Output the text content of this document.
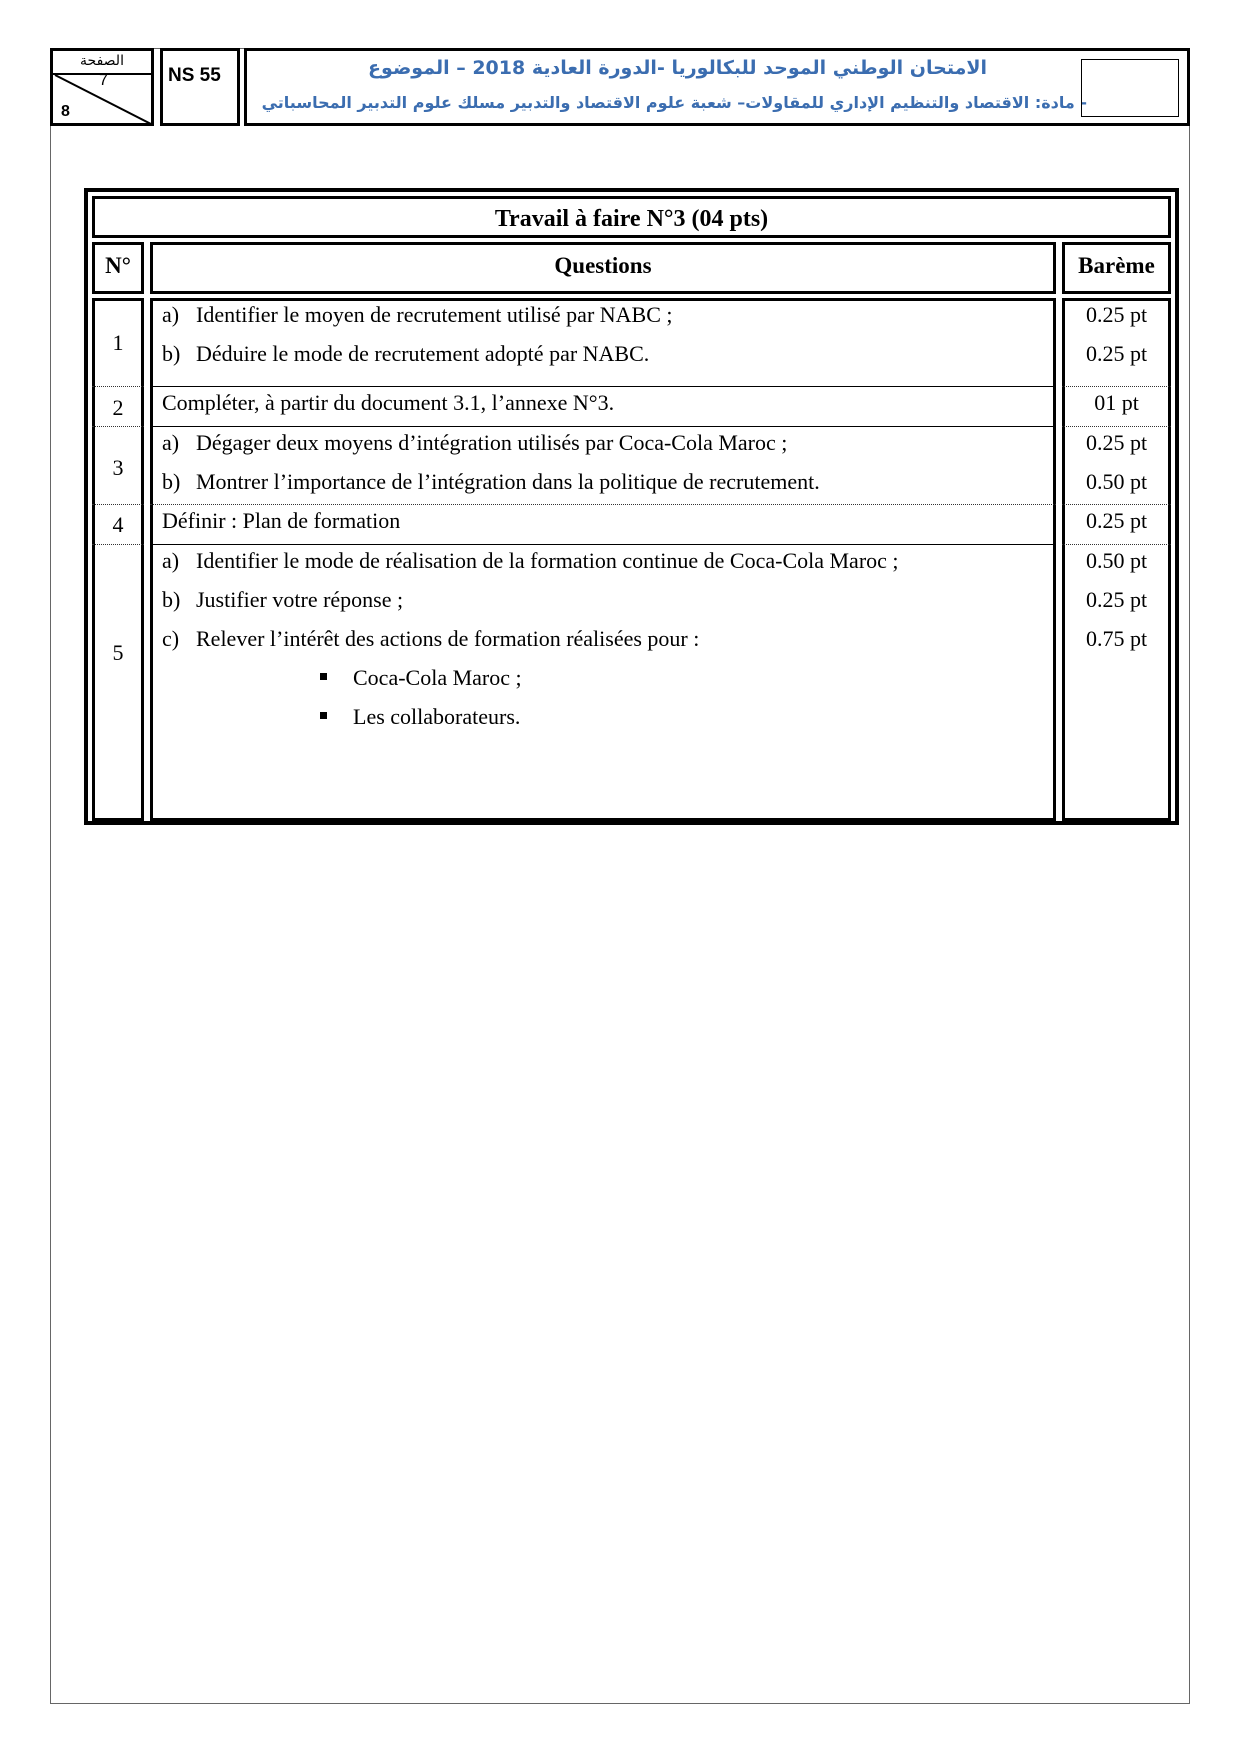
الصفحة
7
8
NS 55	الامتحان الوطني الموحد للبكالوريا -الدورة العادية 2018 – الموضوع
- مادة: الاقتصاد والتنظيم الإداري للمقاولات– شعبة علوم الاقتصاد والتدبير مسلك علوم التدبير المحاسباتي
Travail à faire N°3 (04 pts)
N°	Questions	Barème
1
a) Identifier le moyen de recrutement utilisé par NABC ;	0.25 pt
b) Déduire le mode de recrutement adopté par NABC.	0.25 pt
2	Compléter, à partir du document 3.1, l’annexe N°3.	01 pt
3
a) Dégager deux moyens d’intégration utilisés par Coca-Cola Maroc ;	0.25 pt
b) Montrer l’importance de l’intégration dans la politique de recrutement.	0.50 pt
4	Définir : Plan de formation	0.25 pt
5
a) Identifier le mode de réalisation de la formation continue de Coca-Cola Maroc ;	0.50 pt
b) Justifier votre réponse ;	0.25 pt
c) Relever l’intérêt des actions de formation réalisées pour :	0.75 pt
Coca-Cola Maroc ;
Les collaborateurs.
